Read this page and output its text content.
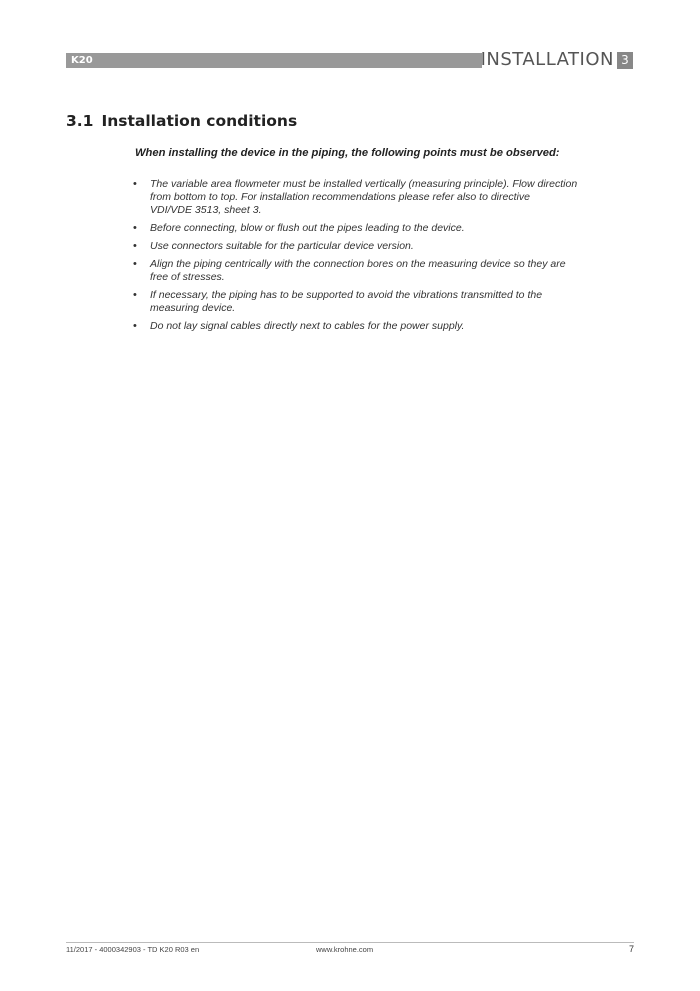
K20	INSTALLATION 3
3.1 Installation conditions
When installing the device in the piping, the following points must be observed:
• The variable area flowmeter must be installed vertically (measuring principle). Flow direction
from bottom to top. For installation recommendations please refer also to directive
VDI/VDE 3513, sheet 3.
• Before connecting, blow or flush out the pipes leading to the device.
• Use connectors suitable for the particular device version.
• Align the piping centrically with the connection bores on the measuring device so they are
free of stresses.
• If necessary, the piping has to be supported to avoid the vibrations transmitted to the
measuring device.
• Do not lay signal cables directly next to cables for the power supply.
11/2017 - 4000342903 - TD K20 R03 en	www.krohne.com	7
